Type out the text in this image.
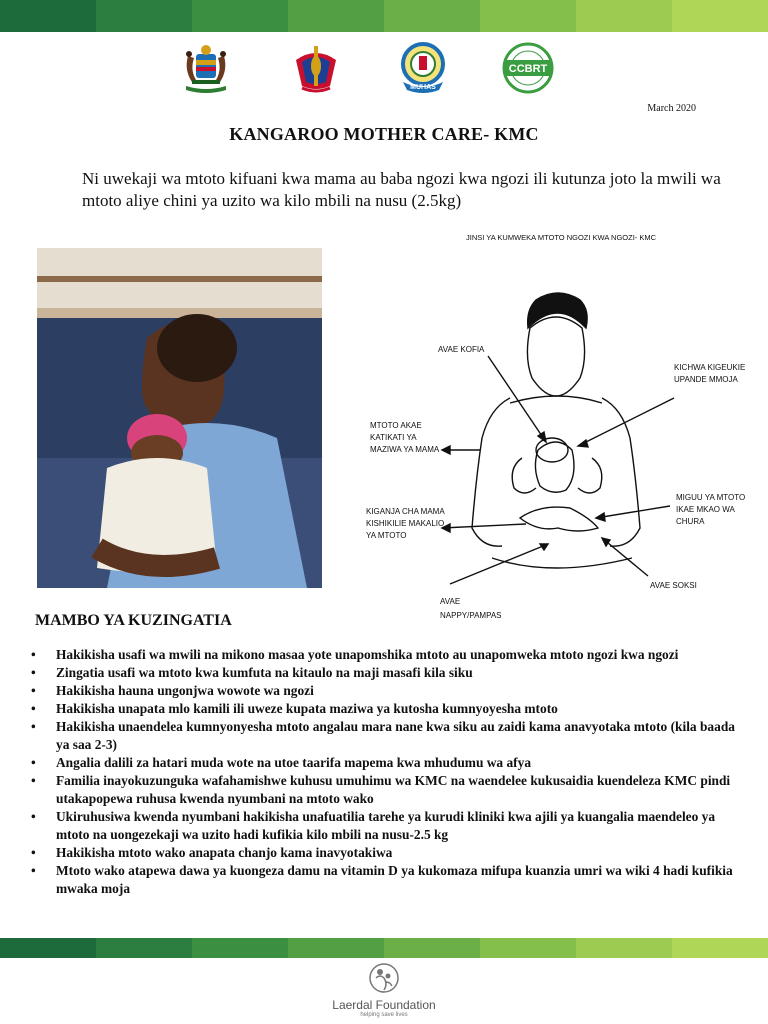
MUHAS
CCBRT
March 2020
KANGAROO MOTHER CARE- KMC
Ni uwekaji wa mtoto kifuani kwa mama au baba ngozi kwa ngozi ili kutunza joto la mwili wa mtoto aliye chini ya uzito wa kilo mbili na nusu (2.5kg)
JINSI YA KUMWEKA MTOTO NGOZI KWA NGOZI- KMC
AVAE KOFIA
KICHWA KIGEUKIE
UPANDE MMOJA
MTOTO AKAE
KATIKATI YA
MAZIWA YA MAMA
KIGANJA CHA MAMA
KISHIKILIE MAKALIO
YA MTOTO
MIGUU YA MTOTO
IKAE MKAO WA
CHURA
AVAE SOKSI
AVAE
NAPPY/PAMPAS
MAMBO YA KUZINGATIA
• Hakikisha usafi wa mwili na mikono masaa yote unapomshika mtoto au unapomweka mtoto ngozi kwa ngozi
• Zingatia usafi wa mtoto kwa kumfuta na kitaulo na maji masafi kila siku
• Hakikisha hauna ungonjwa wowote wa ngozi
• Hakikisha unapata mlo kamili ili uweze kupata maziwa ya kutosha kumnyoyesha mtoto
• Hakikisha unaendelea kumnyonyesha mtoto angalau mara nane kwa siku au zaidi kama anavyotaka mtoto (kila baada ya saa 2-3)
• Angalia dalili za hatari muda wote na utoe taarifa mapema kwa mhudumu wa afya
• Familia inayokuzunguka wafahamishwe kuhusu umuhimu wa KMC na waendelee kukusaidia kuendeleza KMC pindi utakapopewa ruhusa kwenda nyumbani na mtoto wako
• Ukiruhusiwa kwenda nyumbani hakikisha unafuatilia tarehe ya kurudi kliniki kwa ajili ya kuangalia maendeleo ya mtoto na uongezekaji wa uzito hadi kufikia kilo mbili na nusu-2.5 kg
• Hakikisha mtoto wako anapata chanjo kama inavyotakiwa
• Mtoto wako atapewa dawa ya kuongeza damu na vitamin D ya kukomaza mifupa kuanzia umri wa wiki 4 hadi kufikia mwaka moja
Laerdal Foundation
helping save lives
